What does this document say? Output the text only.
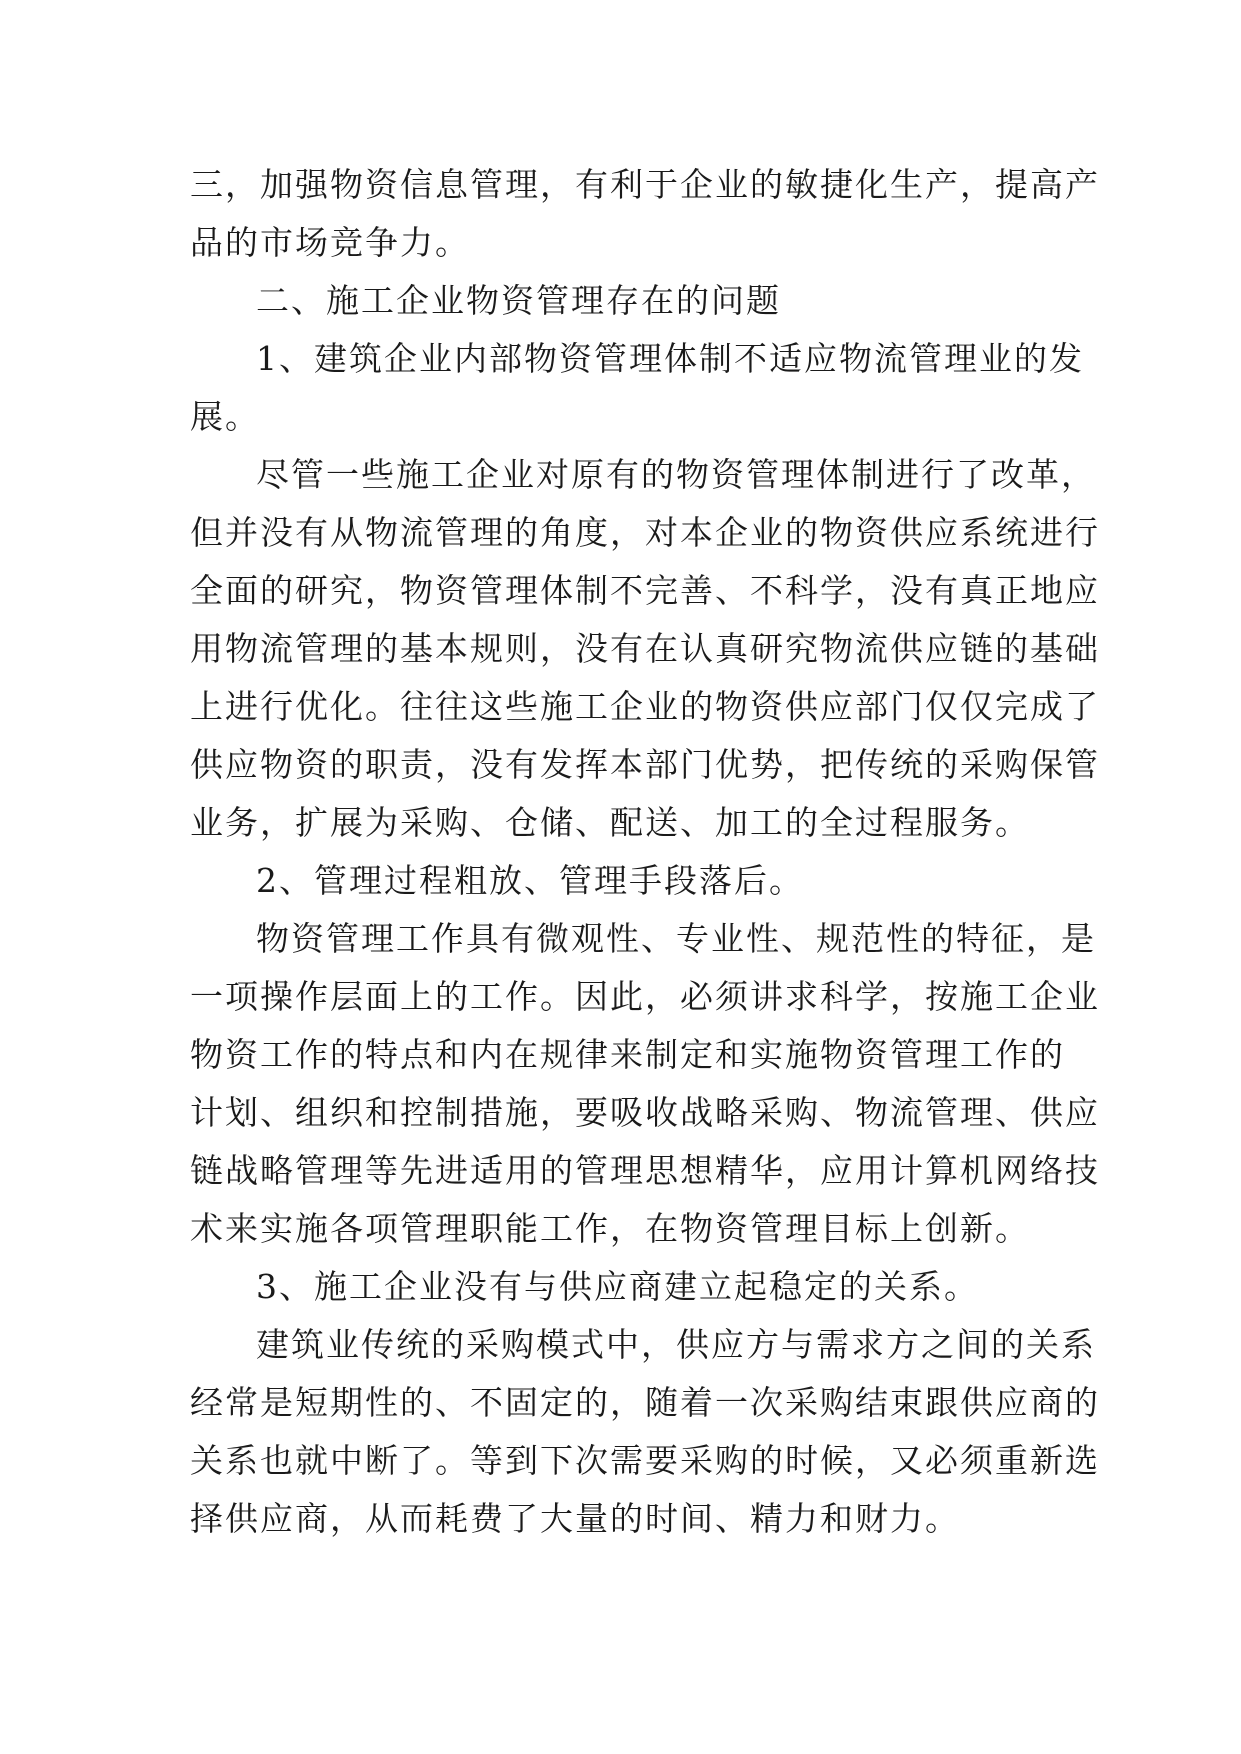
三，加强物资信息管理，有利于企业的敏捷化生产，提高产
品的市场竞争力。
二、施工企业物资管理存在的问题
1、建筑企业内部物资管理体制不适应物流管理业的发
展。
尽管一些施工企业对原有的物资管理体制进行了改革，
但并没有从物流管理的角度，对本企业的物资供应系统进行
全面的研究，物资管理体制不完善、不科学，没有真正地应
用物流管理的基本规则，没有在认真研究物流供应链的基础
上进行优化。往往这些施工企业的物资供应部门仅仅完成了
供应物资的职责，没有发挥本部门优势，把传统的采购保管
业务，扩展为采购、仓储、配送、加工的全过程服务。
2、管理过程粗放、管理手段落后。
物资管理工作具有微观性、专业性、规范性的特征，是
一项操作层面上的工作。因此，必须讲求科学，按施工企业
物资工作的特点和内在规律来制定和实施物资管理工作的
计划、组织和控制措施，要吸收战略采购、物流管理、供应
链战略管理等先进适用的管理思想精华，应用计算机网络技
术来实施各项管理职能工作，在物资管理目标上创新。
3、施工企业没有与供应商建立起稳定的关系。
建筑业传统的采购模式中，供应方与需求方之间的关系
经常是短期性的、不固定的，随着一次采购结束跟供应商的
关系也就中断了。等到下次需要采购的时候，又必须重新选
择供应商，从而耗费了大量的时间、精力和财力。
